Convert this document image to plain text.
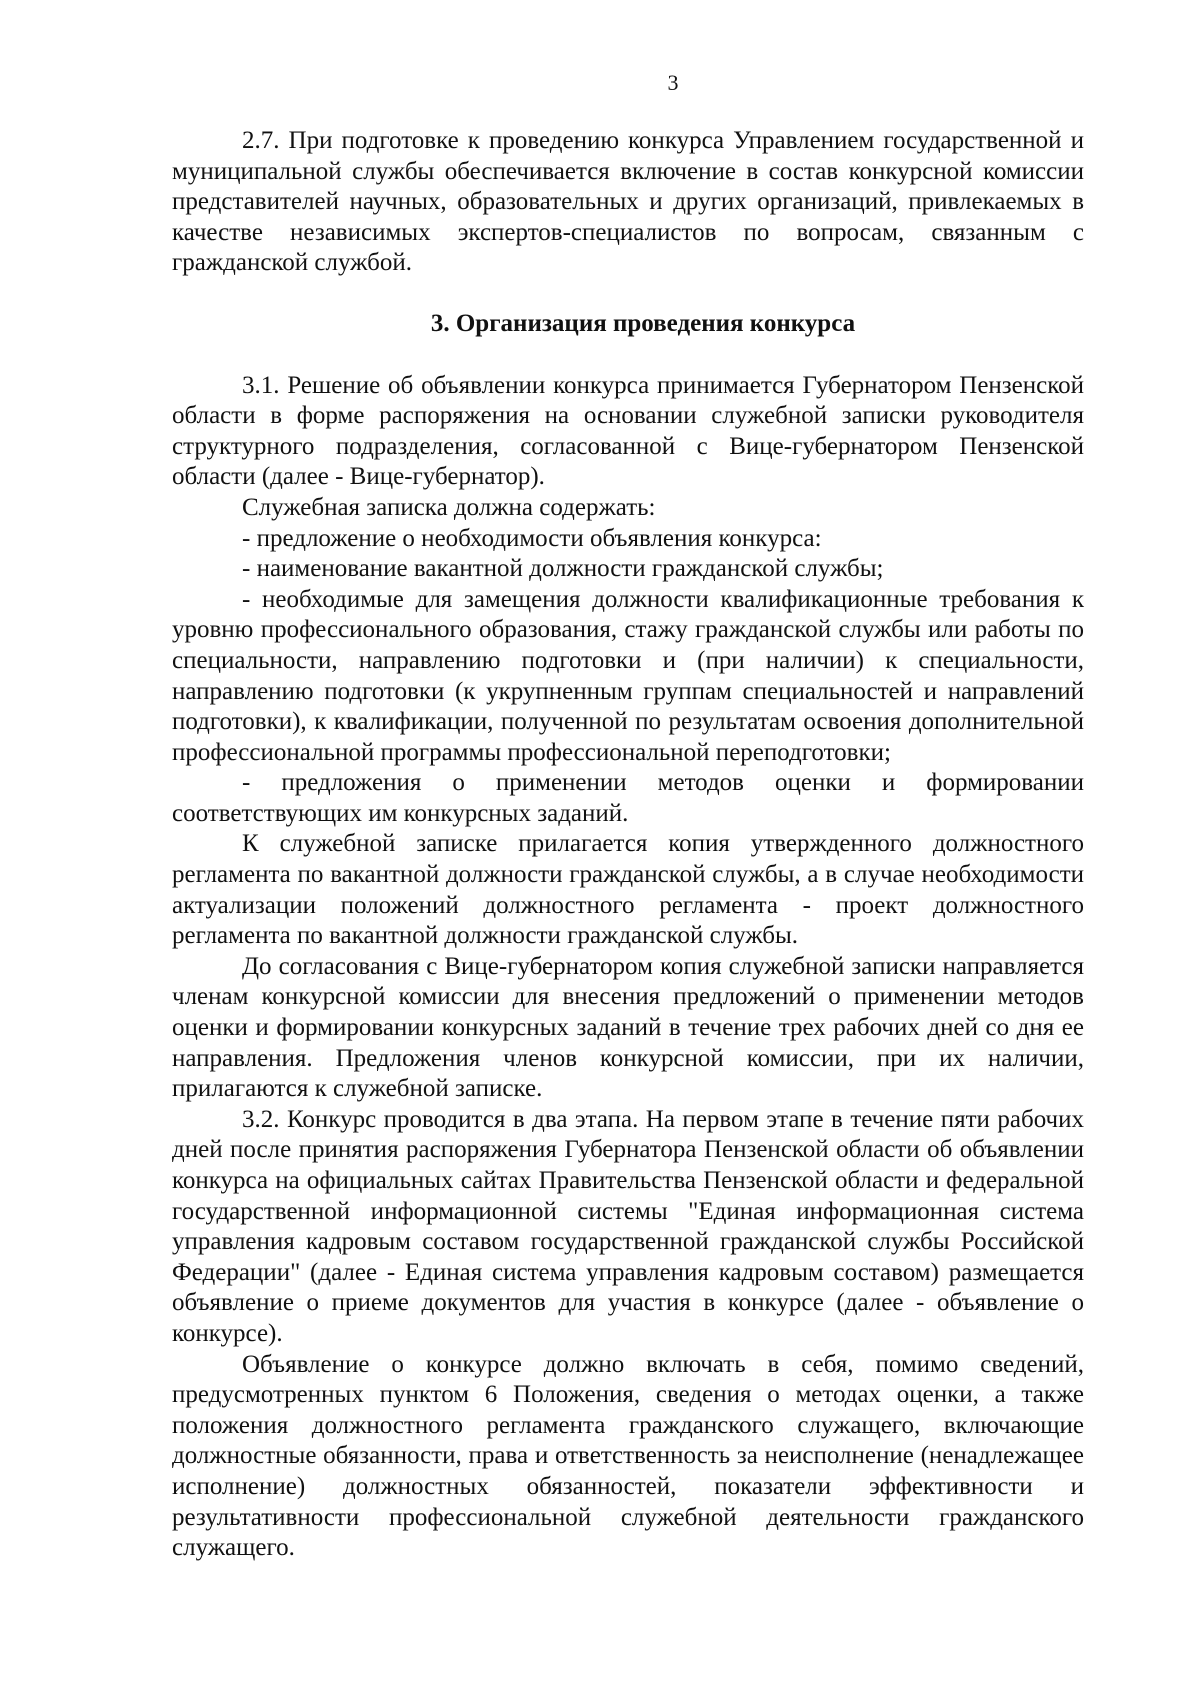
3

2.7. При подготовке к проведению конкурса Управлением государственной и муниципальной службы обеспечивается включение в состав конкурсной комиссии представителей научных, образовательных и других организаций, привлекаемых в качестве независимых экспертов-специалистов по вопросам, связанным с гражданской службой.

3. Организация проведения конкурса

3.1. Решение об объявлении конкурса принимается Губернатором Пензенской области в форме распоряжения на основании служебной записки руководителя структурного подразделения, согласованной с Вице-губернатором Пензенской области (далее - Вице-губернатор).

Служебная записка должна содержать:

- предложение о необходимости объявления конкурса:

- наименование вакантной должности гражданской службы;

- необходимые для замещения должности квалификационные требования к уровню профессионального образования, стажу гражданской службы или работы по специальности, направлению подготовки и (при наличии) к специальности, направлению подготовки (к укрупненным группам специальностей и направлений подготовки), к квалификации, полученной по результатам освоения дополнительной профессиональной программы профессиональной переподготовки;

- предложения о применении методов оценки и формировании соответствующих им конкурсных заданий.

К служебной записке прилагается копия утвержденного должностного регламента по вакантной должности гражданской службы, а в случае необходимости актуализации положений должностного регламента - проект должностного регламента по вакантной должности гражданской службы.

До согласования с Вице-губернатором копия служебной записки направляется членам конкурсной комиссии для внесения предложений о применении методов оценки и формировании конкурсных заданий в течение трех рабочих дней со дня ее направления. Предложения членов конкурсной комиссии, при их наличии, прилагаются к служебной записке.

3.2. Конкурс проводится в два этапа. На первом этапе в течение пяти рабочих дней после принятия распоряжения Губернатора Пензенской области об объявлении конкурса на официальных сайтах Правительства Пензенской области и федеральной государственной информационной системы "Единая информационная система управления кадровым составом государственной гражданской службы Российской Федерации" (далее - Единая система управления кадровым составом) размещается объявление о приеме документов для участия в конкурсе (далее - объявление о конкурсе).

Объявление о конкурсе должно включать в себя, помимо сведений, предусмотренных пунктом 6 Положения, сведения о методах оценки, а также положения должностного регламента гражданского служащего, включающие должностные обязанности, права и ответственность за неисполнение (ненадлежащее исполнение) должностных обязанностей, показатели эффективности и результативности профессиональной служебной деятельности гражданского служащего.
